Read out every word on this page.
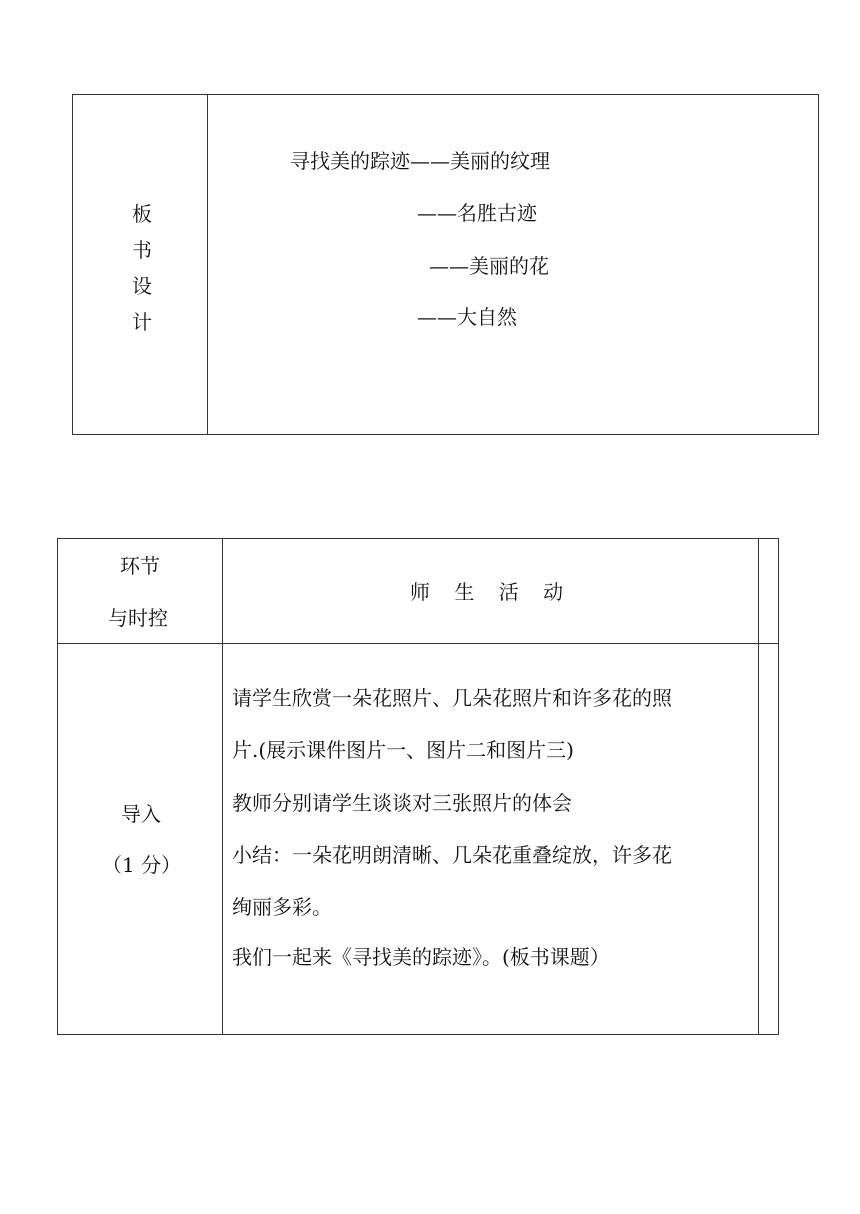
板
书
设
计
寻找美的踪迹——美丽的纹理
——名胜古迹
——美丽的花
——大自然
环节
与时控
师 生 活 动
导入
（1 分）
请学生欣赏一朵花照片、几朵花照片和许多花的照
片.(展示课件图片一、图片二和图片三)
教师分别请学生谈谈对三张照片的体会
小结：一朵花明朗清晰、几朵花重叠绽放，许多花
绚丽多彩。
我们一起来《寻找美的踪迹》。(板书课题）
